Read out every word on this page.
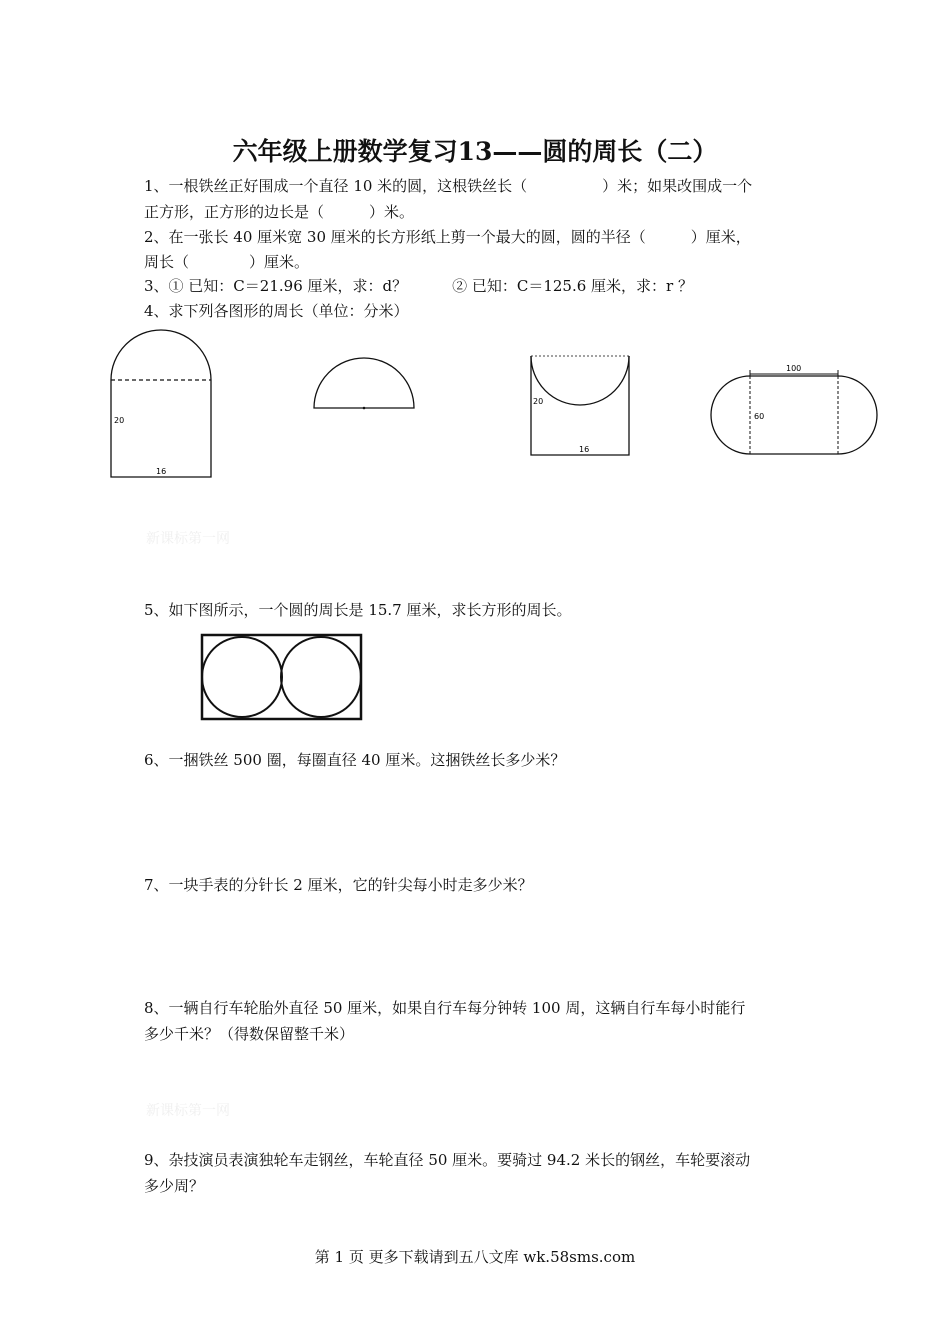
六年级上册数学复习13——圆的周长（二）
1、一根铁丝正好围成一个直径 10 米的圆，这根铁丝长（　　　　　）米；如果改围成一个
正方形，正方形的边长是（　　　）米。
2、在一张长 40 厘米宽 30 厘米的长方形纸上剪一个最大的圆，圆的半径（　　　）厘米，
周长（　　　　）厘米。
3、① 已知：C＝21.96 厘米，求：d？　　　② 已知：C＝125.6 厘米，求：r ？
4、求下列各图形的周长（单位：分米）
20
16
20
16
100
60
新课标第一网
5、如下图所示，一个圆的周长是 15.7 厘米，求长方形的周长。
6、一捆铁丝 500 圈，每圈直径 40 厘米。这捆铁丝长多少米？
7、一块手表的分针长 2 厘米，它的针尖每小时走多少米？
8、一辆自行车轮胎外直径 50 厘米，如果自行车每分钟转 100 周，这辆自行车每小时能行
多少千米？（得数保留整千米）
新课标第一网
9、杂技演员表演独轮车走钢丝，车轮直径 50 厘米。要骑过 94.2 米长的钢丝，车轮要滚动
多少周？
第 1 页 更多下载请到五八文库 wk.58sms.com
